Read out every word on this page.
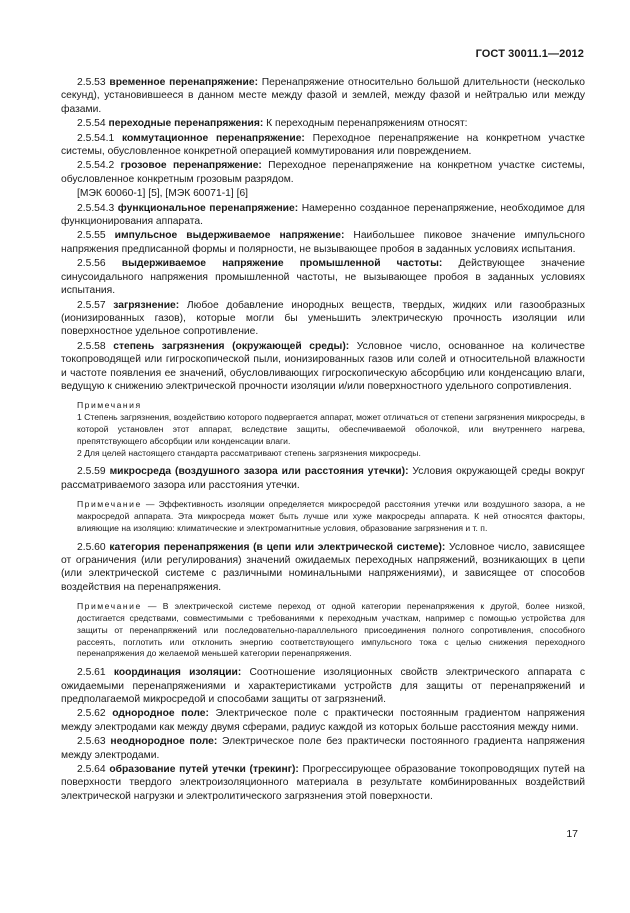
ГОСТ 30011.1—2012

2.5.53 временное перенапряжение: Перенапряжение относительно большой длительности (несколько секунд), установившееся в данном месте между фазой и землей, между фазой и нейтралью или между фазами.

2.5.54 переходные перенапряжения: К переходным перенапряжениям относят:

2.5.54.1 коммутационное перенапряжение: Переходное перенапряжение на конкретном участке системы, обусловленное конкретной операцией коммутирования или повреждением.

2.5.54.2 грозовое перенапряжение: Переходное перенапряжение на конкретном участке системы, обусловленное конкретным грозовым разрядом.

[МЭК 60060-1] [5], [МЭК 60071-1] [6]

2.5.54.3 функциональное перенапряжение: Намеренно созданное перенапряжение, необходимое для функционирования аппарата.

2.5.55 импульсное выдерживаемое напряжение: Наибольшее пиковое значение импульсного напряжения предписанной формы и полярности, не вызывающее пробоя в заданных условиях испытания.

2.5.56 выдерживаемое напряжение промышленной частоты: Действующее значение синусоидального напряжения промышленной частоты, не вызывающее пробоя в заданных условиях испытания.

2.5.57 загрязнение: Любое добавление инородных веществ, твердых, жидких или газообразных (ионизированных газов), которые могли бы уменьшить электрическую прочность изоляции или поверхностное удельное сопротивление.

2.5.58 степень загрязнения (окружающей среды): Условное число, основанное на количестве токопроводящей или гигроскопической пыли, ионизированных газов или солей и относительной влажности и частоте появления ее значений, обусловливающих гигроскопическую абсорбцию или конденсацию влаги, ведущую к снижению электрической прочности изоляции и/или поверхностного удельного сопротивления.

Примечания

1 Степень загрязнения, воздействию которого подвергается аппарат, может отличаться от степени загрязнения микросреды, в которой установлен этот аппарат, вследствие защиты, обеспечиваемой оболочкой, или внутреннего нагрева, препятствующего абсорбции или конденсации влаги.

2 Для целей настоящего стандарта рассматривают степень загрязнения микросреды.

2.5.59 микросреда (воздушного зазора или расстояния утечки): Условия окружающей среды вокруг рассматриваемого зазора или расстояния утечки.

Примечание — Эффективность изоляции определяется микросредой расстояния утечки или воздушного зазора, а не макросредой аппарата. Эта микросреда может быть лучше или хуже макросреды аппарата. К ней относятся факторы, влияющие на изоляцию: климатические и электромагнитные условия, образование загрязнения и т. п.

2.5.60 категория перенапряжения (в цепи или электрической системе): Условное число, зависящее от ограничения (или регулирования) значений ожидаемых переходных напряжений, возникающих в цепи (или электрической системе с различными номинальными напряжениями), и зависящее от способов воздействия на перенапряжения.

Примечание — В электрической системе переход от одной категории перенапряжения к другой, более низкой, достигается средствами, совместимыми с требованиями к переходным участкам, например с помощью устройства для защиты от перенапряжений или последовательно-параллельного присоединения полного сопротивления, способного рассеять, поглотить или отклонить энергию соответствующего импульсного тока с целью снижения переходного перенапряжения до желаемой меньшей категории перенапряжения.

2.5.61 координация изоляции: Соотношение изоляционных свойств электрического аппарата с ожидаемыми перенапряжениями и характеристиками устройств для защиты от перенапряжений и предполагаемой микросредой и способами защиты от загрязнений.

2.5.62 однородное поле: Электрическое поле с практически постоянным градиентом напряжения между электродами как между двумя сферами, радиус каждой из которых больше расстояния между ними.

2.5.63 неоднородное поле: Электрическое поле без практически постоянного градиента напряжения между электродами.

2.5.64 образование путей утечки (трекинг): Прогрессирующее образование токопроводящих путей на поверхности твердого электроизоляционного материала в результате комбинированных воздействий электрической нагрузки и электролитического загрязнения этой поверхности.

17
